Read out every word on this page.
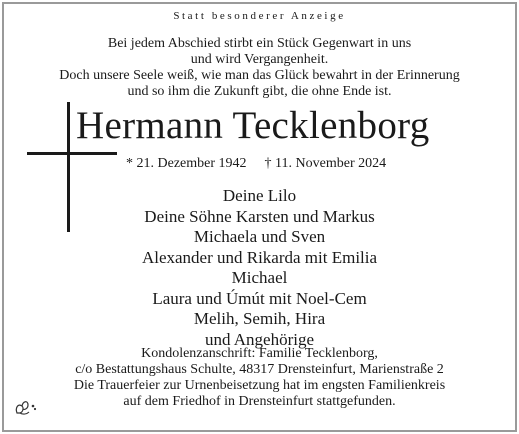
Statt besonderer Anzeige
Bei jedem Abschied stirbt ein Stück Gegenwart in uns
und wird Vergangenheit.
Doch unsere Seele weiß, wie man das Glück bewahrt in der Erinnerung
und so ihm die Zukunft gibt, die ohne Ende ist.
Hermann Tecklenborg
* 21. Dezember 1942 † 11. November 2024
Deine Lilo
Deine Söhne Karsten und Markus
Michaela und Sven
Alexander und Rikarda mit Emilia
Michael
Laura und Úmút mit Noel-Cem
Melih, Semih, Hira
und Angehörige
Kondolenzanschrift: Familie Tecklenborg,
c/o Bestattungshaus Schulte, 48317 Drensteinfurt, Marienstraße 2
Die Trauerfeier zur Urnenbeisetzung hat im engsten Familienkreis
auf dem Friedhof in Drensteinfurt stattgefunden.
